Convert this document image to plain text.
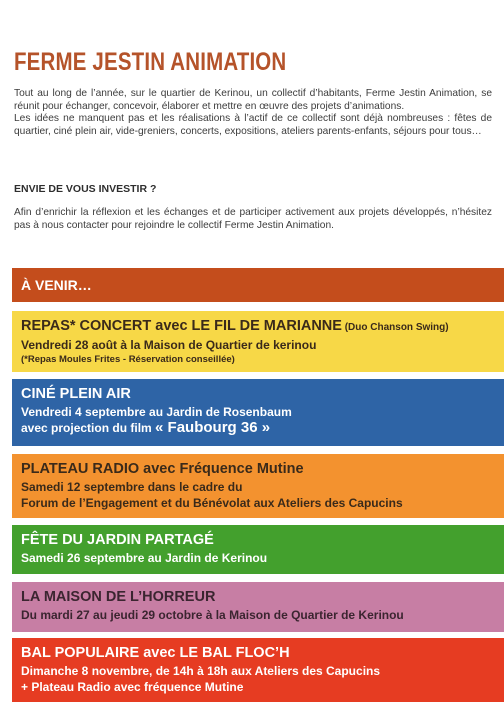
FERME JESTIN ANIMATION

Tout au long de l’année, sur le quartier de Kerinou, un collectif d’habitants, Ferme Jestin Animation, se réunit pour échanger, concevoir, élaborer et mettre en œuvre des projets d’animations.

Les idées ne manquent pas et les réalisations à l’actif de ce collectif sont déjà nombreuses : fêtes de quartier, ciné plein air, vide-greniers, concerts, expositions, ateliers parents-enfants, séjours pour tous…

ENVIE DE VOUS INVESTIR ?

Afin d’enrichir la réflexion et les échanges et de participer activement aux projets développés, n’hésitez pas à nous contacter pour rejoindre le collectif Ferme Jestin Animation.

À VENIR…
REPAS* CONCERT avec LE FIL DE MARIANNE (Duo Chanson Swing)
Vendredi 28 août à la Maison de Quartier de kerinou
(*Repas Moules Frites - Réservation conseillée)
CINÉ PLEIN AIR
Vendredi 4 septembre au Jardin de Rosenbaum
avec projection du film « Faubourg 36 »
PLATEAU RADIO avec Fréquence Mutine
Samedi 12 septembre dans le cadre du
Forum de l’Engagement et du Bénévolat aux Ateliers des Capucins
FÊTE DU JARDIN PARTAGÉ
Samedi 26 septembre au Jardin de Kerinou
LA MAISON DE L’HORREUR
Du mardi 27 au jeudi 29 octobre à la Maison de Quartier de Kerinou
BAL POPULAIRE avec LE BAL FLOC’H
Dimanche 8 novembre, de 14h à 18h aux Ateliers des Capucins
+ Plateau Radio avec fréquence Mutine
